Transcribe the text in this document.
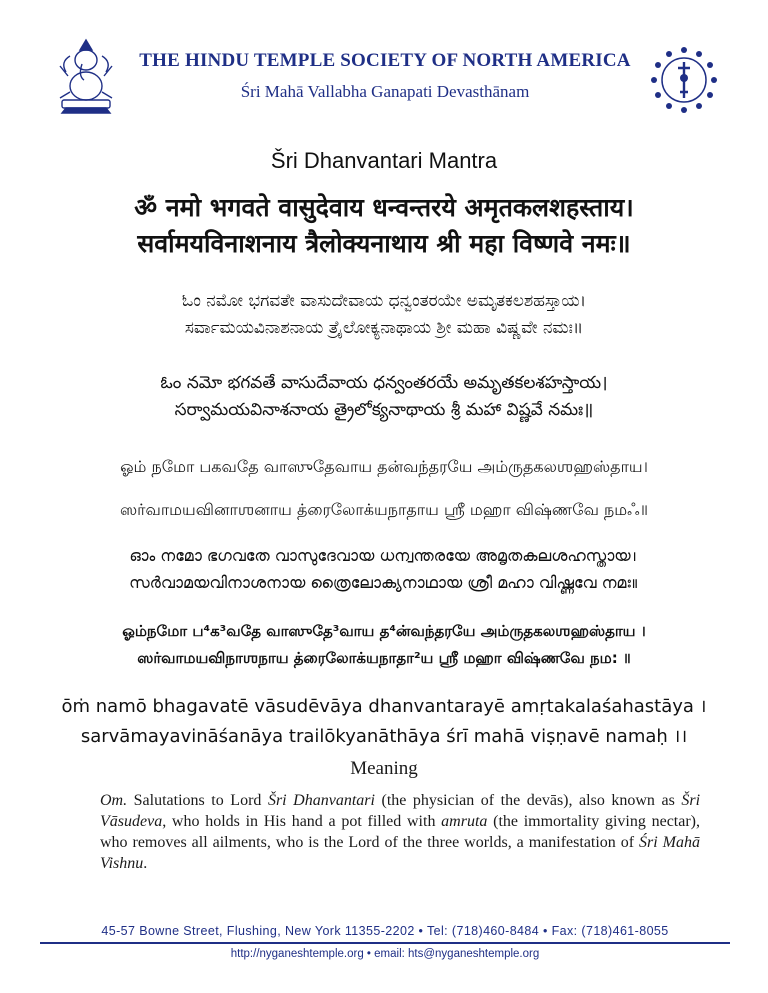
THE HINDU TEMPLE SOCIETY OF NORTH AMERICA
Śri Mahā Vallabha Ganapati Devasthānam
Šri Dhanvantari Mantra
ॐ नमो भगवते वासुदेवाय धन्वन्तरये अमृतकलशहस्ताय।
सर्वामयविनाशनाय त्रैलोक्यनाथाय श्री महा विष्णवे नमः॥
ಓಂ ನಮೋ ಭಗವತೇ ವಾಸುದೇವಾಯ ಧನ್ವಂತರಯೇ ಅಮೃತಕಲಶಹಸ್ತಾಯ।
ಸರ್ವಾಮಯವಿನಾಶನಾಯ ತ್ರೈಲೋಕ್ಯನಾಥಾಯ ಶ್ರೀ ಮಹಾ ವಿಷ್ಣವೇ ನಮಃ॥
ఓం నమో భగవతే వాసుదేవాయ ధన్వంతరయే అమృతకలశహస్తాయ।
సర్వామయవినాశనాయ త్రైలోక్యనాథాయ శ్రీ మహా విష్ణవే నమః॥
ஓம் நமோ பகவதே வாஸுதேவாய தன்வந்தரயே அம்ருதகலஶஹஸ்தாய।
ஸர்வாமயவினாஶனாய த்ரைலோக்யநாதாய ஶ்ரீ மஹா விஷ்ணவே நமஃ॥
ഓം നമോ ഭഗവതേ വാസുദേവായ ധന്വന്തരയേ അമൃതകലശഹസ്തായ।
സർവാമയവിനാശനായ ത്രൈലോക്യനാഥായ ശ്രീ മഹാ വിഷ്ണവേ നമഃ॥
ஓம்நமோ ப⁴க³வதே வாஸுதே³வாய த⁴ன்வந்தரயே அம்ருதகலஶஹஸ்தாய ।
ஸர்வாமயவிநாஶநாய த்ரைலோக்யநாதா²ய ஶ்ரீ மஹா விஷ்ணவே நம: ॥
ōṁ namō bhagavatē vāsudēvāya dhanvantarayē amṛtakalaśahastāya ।
sarvāmayavināśanāya trailōkyanāthāya śrī mahā viṣṇavē namaḥ ।।
Meaning

Om. Salutations to Lord Šri Dhanvantari (the physician of the devās), also known as Šri Vāsudeva, who holds in His hand a pot filled with amruta (the immortality giving nectar), who removes all ailments, who is the Lord of the three worlds, a manifestation of Śri Mahā Vishnu.

45-57 Bowne Street, Flushing, New York 11355-2202 • Tel: (718)460-8484 • Fax: (718)461-8055
http://nyganeshtemple.org • email: hts@nyganeshtemple.org
